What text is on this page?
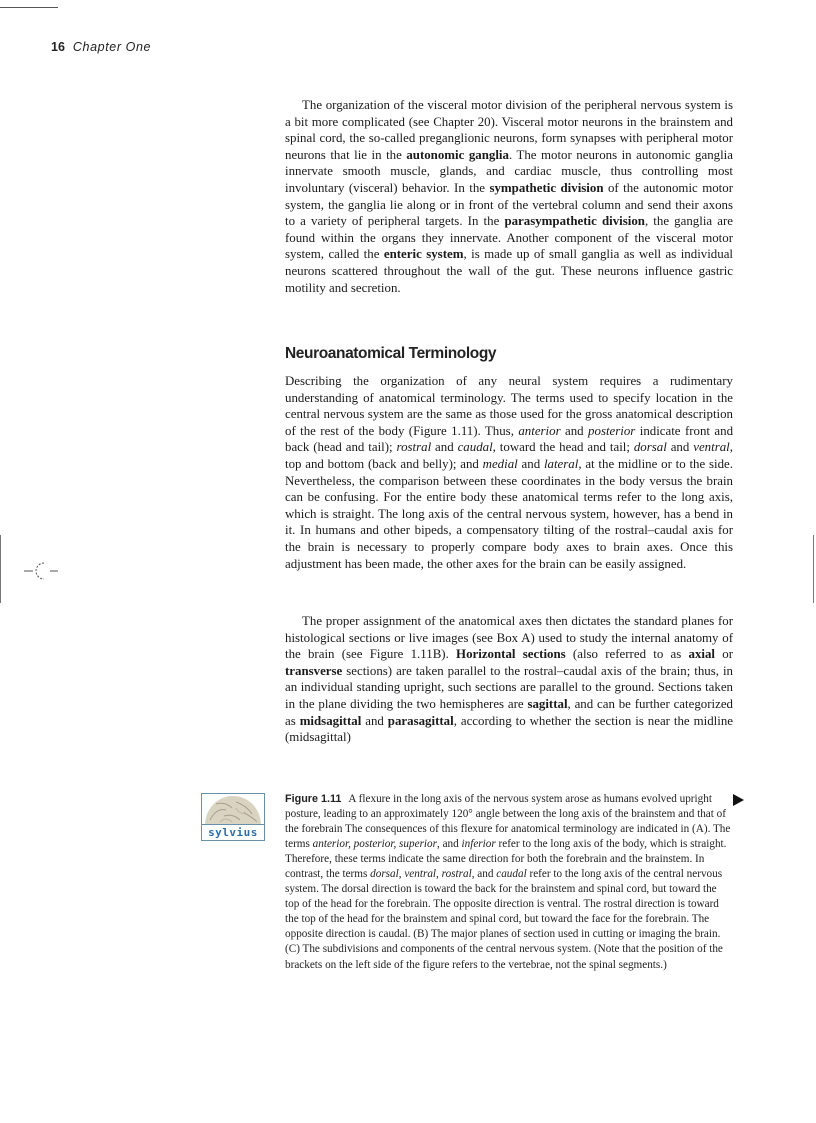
16 Chapter One

The organization of the visceral motor division of the peripheral nervous system is a bit more complicated (see Chapter 20). Visceral motor neurons in the brainstem and spinal cord, the so-called preganglionic neurons, form synapses with peripheral motor neurons that lie in the autonomic ganglia. The motor neurons in autonomic ganglia innervate smooth muscle, glands, and cardiac muscle, thus controlling most involuntary (visceral) behavior. In the sympathetic division of the autonomic motor system, the ganglia lie along or in front of the vertebral column and send their axons to a variety of peripheral targets. In the parasympathetic division, the ganglia are found within the organs they innervate. Another component of the visceral motor system, called the enteric system, is made up of small ganglia as well as individual neurons scattered throughout the wall of the gut. These neurons influence gastric motility and secretion.

Neuroanatomical Terminology

Describing the organization of any neural system requires a rudimentary understanding of anatomical terminology. The terms used to specify location in the central nervous system are the same as those used for the gross anatomical description of the rest of the body (Figure 1.11). Thus, anterior and posterior indicate front and back (head and tail); rostral and caudal, toward the head and tail; dorsal and ventral, top and bottom (back and belly); and medial and lateral, at the midline or to the side. Nevertheless, the comparison between these coordinates in the body versus the brain can be confusing. For the entire body these anatomical terms refer to the long axis, which is straight. The long axis of the central nervous system, however, has a bend in it. In humans and other bipeds, a compensatory tilting of the rostral–caudal axis for the brain is necessary to properly compare body axes to brain axes. Once this adjustment has been made, the other axes for the brain can be easily assigned.

The proper assignment of the anatomical axes then dictates the standard planes for histological sections or live images (see Box A) used to study the internal anatomy of the brain (see Figure 1.11B). Horizontal sections (also referred to as axial or transverse sections) are taken parallel to the rostral–caudal axis of the brain; thus, in an individual standing upright, such sections are parallel to the ground. Sections taken in the plane dividing the two hemispheres are sagittal, and can be further categorized as midsagittal and parasagittal, according to whether the section is near the midline (midsagittal)

sylvius

Figure 1.11 A flexure in the long axis of the nervous system arose as humans evolved upright posture, leading to an approximately 120° angle between the long axis of the brainstem and that of the forebrain The consequences of this flexure for anatomical terminology are indicated in (A). The terms anterior, posterior, superior, and inferior refer to the long axis of the body, which is straight. Therefore, these terms indicate the same direction for both the forebrain and the brainstem. In contrast, the terms dorsal, ventral, rostral, and caudal refer to the long axis of the central nervous system. The dorsal direction is toward the back for the brainstem and spinal cord, but toward the top of the head for the forebrain. The opposite direction is ventral. The rostral direction is toward the top of the head for the brainstem and spinal cord, but toward the face for the forebrain. The opposite direction is caudal. (B) The major planes of section used in cutting or imaging the brain. (C) The subdivisions and components of the central nervous system. (Note that the position of the brackets on the left side of the figure refers to the vertebrae, not the spinal segments.)
